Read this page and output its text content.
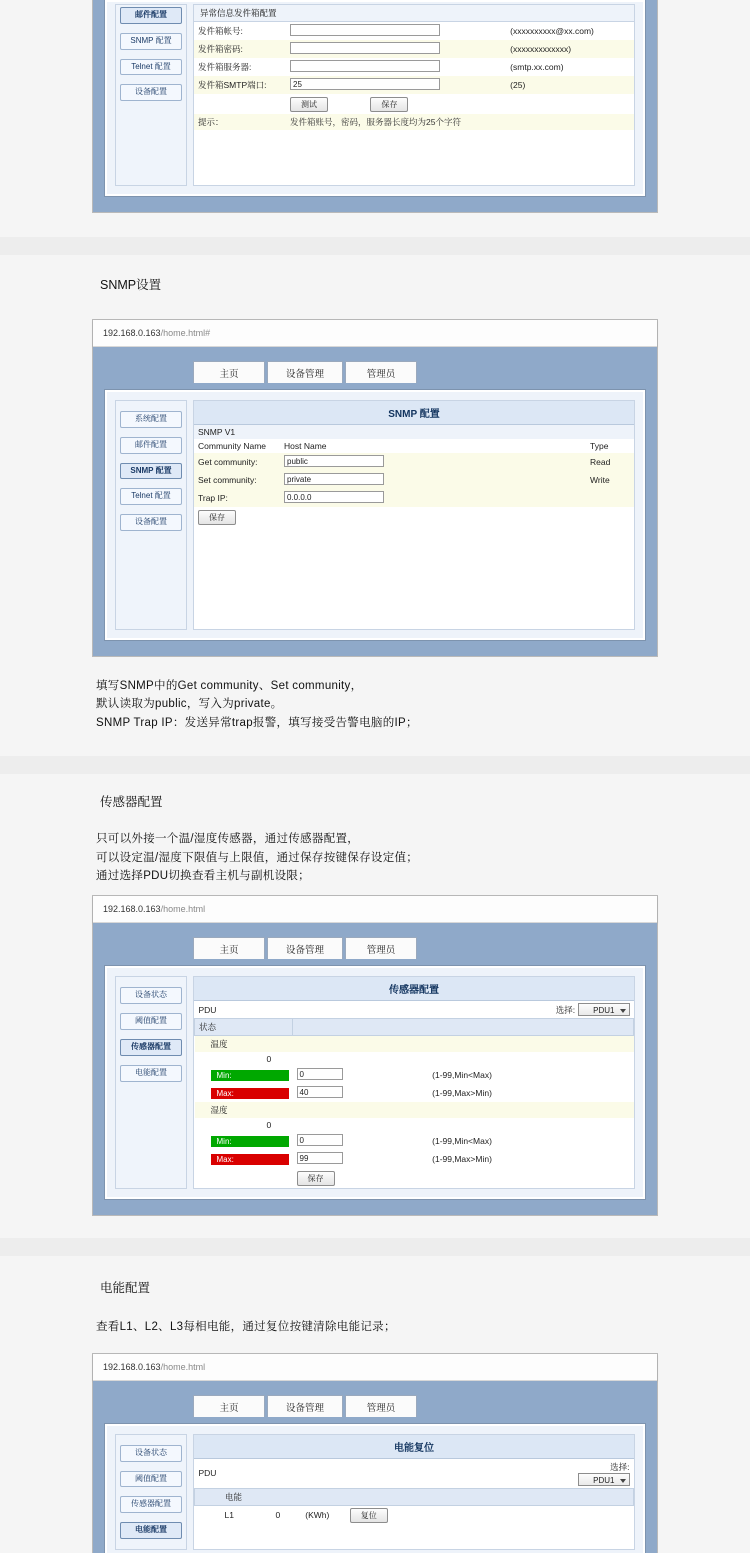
邮件配置
SNMP 配置
Telnet 配置
设备配置
异常信息发件箱配置
发件箱帐号:		(xxxxxxxxxx@xx.com)
发件箱密码:		(xxxxxxxxxxxxx)
发件箱服务器:		(smtp.xx.com)
发件箱SMTP端口:	25	(25)
	测试 保存	
提示：	发件箱账号，密码，服务器长度均为25个字符	
SNMP设置
192.168.0.163/home.html#
主页	设备管理	管理员
系统配置
邮件配置
SNMP 配置
Telnet 配置
设备配置
SNMP 配置
SNMP V1		
Community Name	Host Name	Type
Get community:	public	Read
Set community:	private	Write
Trap IP:	0.0.0.0	
保存		
填写SNMP中的Get community、Set community，
默认读取为public，写入为private。
SNMP Trap IP：发送异常trap报警，填写接受告警电脑的IP；
传感器配置
只可以外接一个温/湿度传感器，通过传感器配置，
可以设定温/湿度下限值与上限值，通过保存按键保存设定值；
通过选择PDU切换查看主机与副机设限；
192.168.0.163/home.html
主页	设备管理	管理员
设备状态
阈值配置
传感器配置
电能配置
传感器配置
PDU		选择: PDU1
状态		
温度		
0		
Min:	0	(1-99,Min<Max)
Max:	40	(1-99,Max>Min)
湿度		
0		
Min:	0	(1-99,Min<Max)
Max:	99	(1-99,Max>Min)
	保存	
电能配置
查看L1、L2、L3每相电能，通过复位按键清除电能记录；
192.168.0.163/home.html
主页	设备管理	管理员
设备状态
阈值配置
传感器配置
电能配置
电能复位
PDU		选择:
PDU1
电能		
L1	0	(KWh) 复位
